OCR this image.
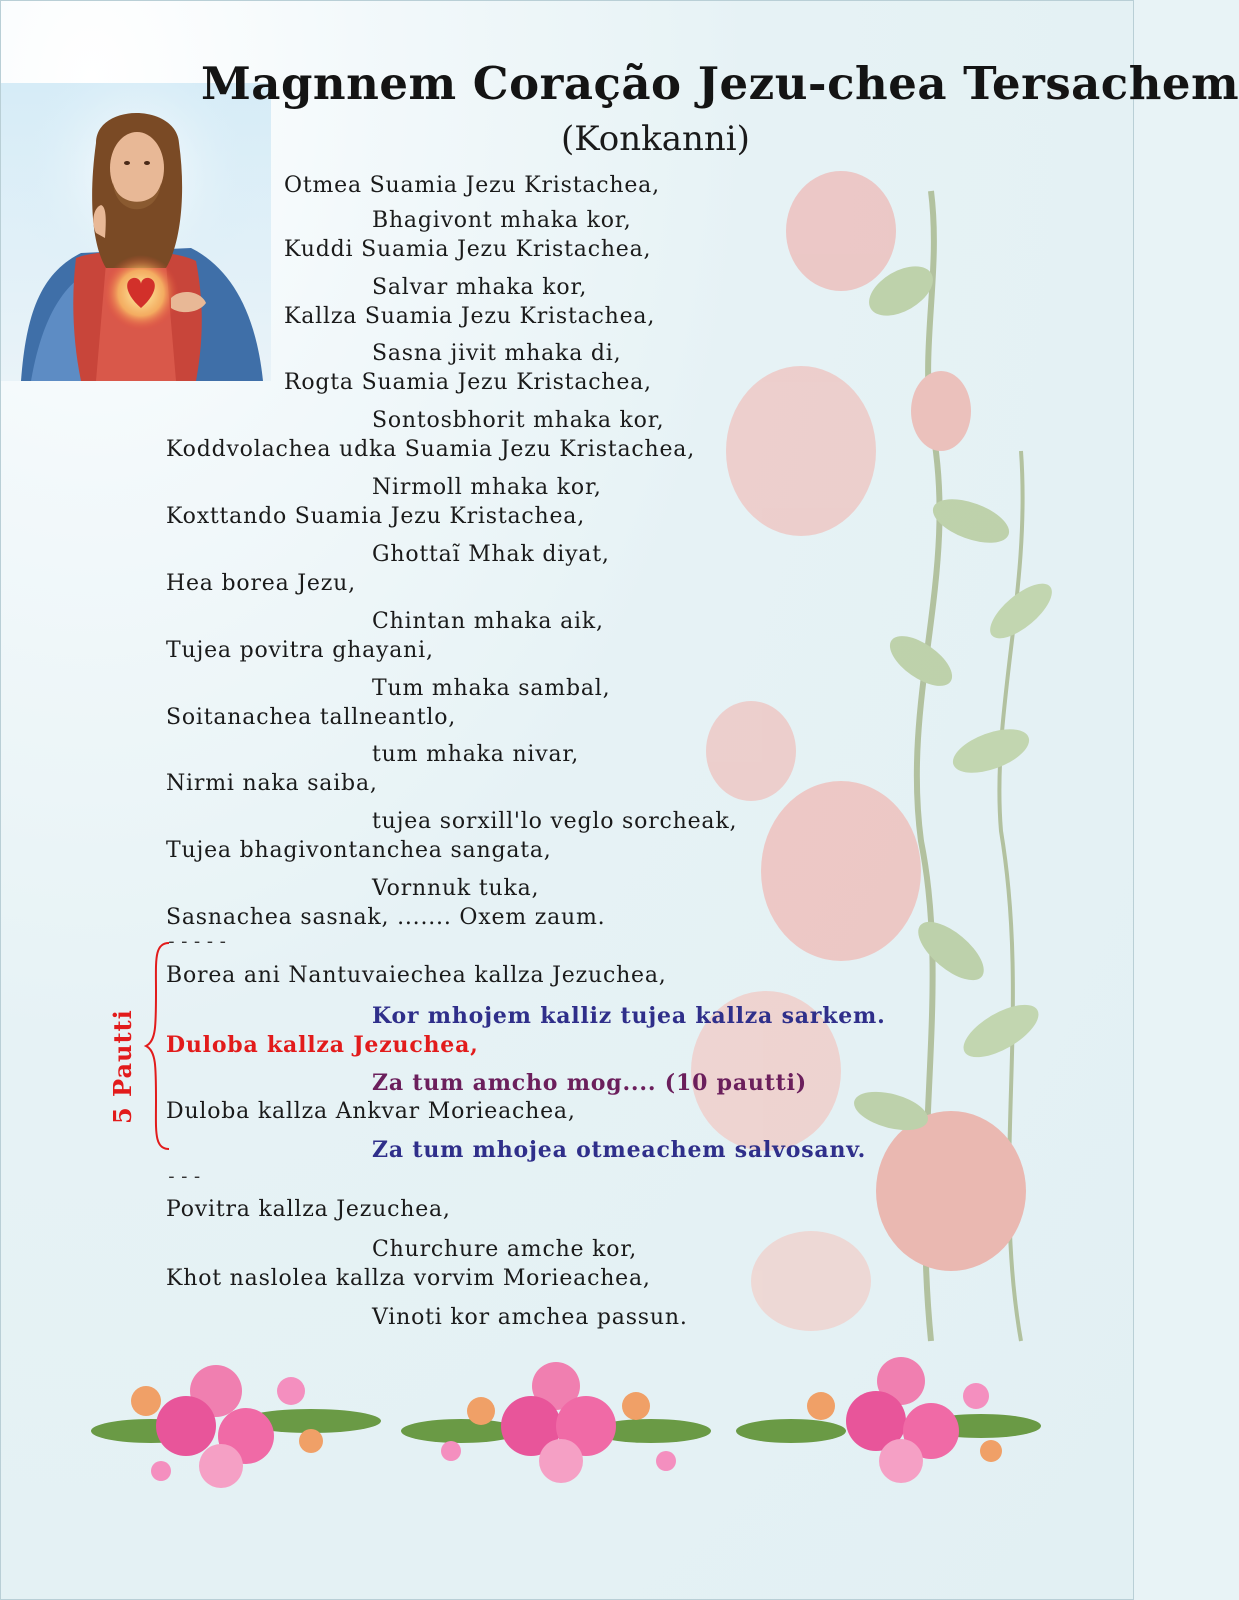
Magnnem Coração Jezu-chea Tersachem
(Konkanni)
Otmea Suamia Jezu Kristachea,
Bhagivont mhaka kor,
Kuddi Suamia Jezu Kristachea,
Salvar mhaka kor,
Kallza Suamia Jezu Kristachea,
Sasna jivit mhaka di,
Rogta Suamia Jezu Kristachea,
Sontosbhorit mhaka kor,
Koddvolachea udka Suamia Jezu Kristachea,
Nirmoll mhaka kor,
Koxttando Suamia Jezu Kristachea,
Ghottaĩ Mhak diyat,
Hea borea Jezu,
Chintan mhaka aik,
Tujea povitra ghayani,
Tum mhaka sambal,
Soitanachea tallneantlo,
tum mhaka nivar,
Nirmi naka saiba,
tujea sorxill'lo veglo sorcheak,
Tujea bhagivontanchea sangata,
Vornnuk tuka,
Sasnachea sasnak, ....... Oxem zaum.
-----
Borea ani Nantuvaiechea kallza Jezuchea,
Kor mhojem kalliz tujea kallza sarkem.
Duloba kallza Jezuchea,
Za tum amcho mog.... (10 pautti)
Duloba kallza Ankvar Morieachea,
Za tum mhojea otmeachem salvosanv.
---
Povitra kallza Jezuchea,
Churchure amche kor,
Khot naslolea kallza vorvim Morieachea,
Vinoti kor amchea passun.
5 Pautti
